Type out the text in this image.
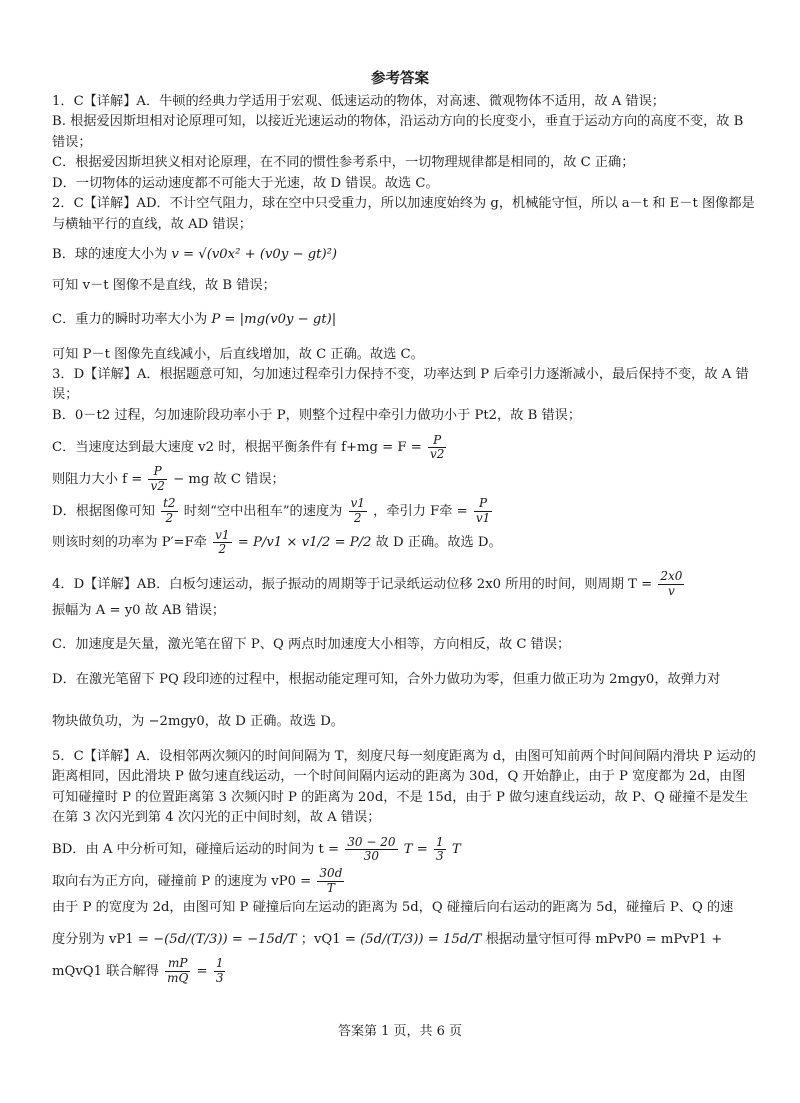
参考答案

1．C【详解】A．牛顿的经典力学适用于宏观、低速运动的物体，对高速、微观物体不适用，故 A 错误；

B. 根据爱因斯坦相对论原理可知，以接近光速运动的物体，沿运动方向的长度变小，垂直于运动方向的高度不变，故 B 错误；

C．根据爱因斯坦狭义相对论原理，在不同的惯性参考系中，一切物理规律都是相同的，故 C 正确；

D．一切物体的运动速度都不可能大于光速，故 D 错误。故选 C。

2．C【详解】AD．不计空气阻力，球在空中只受重力，所以加速度始终为 g，机械能守恒，所以 a－t 和 E－t 图像都是与横轴平行的直线，故 AD 错误；

B．球的速度大小为 v = √(v0x² + (v0y − gt)²)

可知 v－t 图像不是直线，故 B 错误；

C．重力的瞬时功率大小为 P = |mg(v0y − gt)|

可知 P－t 图像先直线减小，后直线增加，故 C 正确。故选 C。

3．D【详解】A．根据题意可知，匀加速过程牵引力保持不变，功率达到 P 后牵引力逐渐减小，最后保持不变，故 A 错误；

B．0－t2 过程，匀加速阶段功率小于 P，则整个过程中牵引力做功小于 Pt2，故 B 错误；

C．当速度达到最大速度 v2 时，根据平衡条件有 $f+mg = F = \frac{P}{v2}$

则阻力大小 $f = \frac{P}{v2}$ − mg 故 C 错误；

D．根据图像可知 $\frac{t2}{2}$ 时刻“空中出租车”的速度为 $\frac{v1}{2}$ ，牵引力 F牵 = $\frac{P}{v1}$

则该时刻的功率为 P′=F牵 $\frac{v1}{2} = P/v1 \times v1/2 = P/2$ 故 D 正确。故选 D。

4．D【详解】AB．白板匀速运动，振子振动的周期等于记录纸运动位移 2x0 所用的时间，则周期 $T = \frac{2x0}{v}$

振幅为 A = y0 故 AB 错误；

C．加速度是矢量，激光笔在留下 P、Q 两点时加速度大小相等，方向相反，故 C 错误；

D．在激光笔留下 PQ 段印迹的过程中，根据动能定理可知，合外力做功为零，但重力做正功为 2mgy0，故弹力对

物块做负功，为 −2mgy0，故 D 正确。故选 D。

5．C【详解】A．设相邻两次频闪的时间间隔为 T，刻度尺每一刻度距离为 d，由图可知前两个时间间隔内滑块 P 运动的距离相同，因此滑块 P 做匀速直线运动，一个时间间隔内运动的距离为 30d，Q 开始静止，由于 P 宽度都为 2d，由图可知碰撞时 P 的位置距离第 3 次频闪时 P 的距离为 20d，不是 15d，由于 P 做匀速直线运动，故 P、Q 碰撞不是发生在第 3 次闪光到第 4 次闪光的正中间时刻，故 A 错误；

BD．由 A 中分析可知，碰撞后运动的时间为 $t = \frac{30 - 20}{30}$ $T = \frac{1}{3}$ T

取向右为正方向，碰撞前 P 的速度为 $vP0 = \frac{30d}{T}$

由于 P 的宽度为 2d，由图可知 P 碰撞后向左运动的距离为 5d，Q 碰撞后向右运动的距离为 5d，碰撞后 P、Q 的速

度分别为 vP1 = −(5d/(T/3)) = −15d/T ；vQ1 = (5d/(T/3)) = 15d/T 根据动量守恒可得 mPvP0 = mPvP1 + mQvQ1 联合解得 $\frac{mP}{mQ} = \frac{1}{3}$

答案第 1 页，共 6 页
